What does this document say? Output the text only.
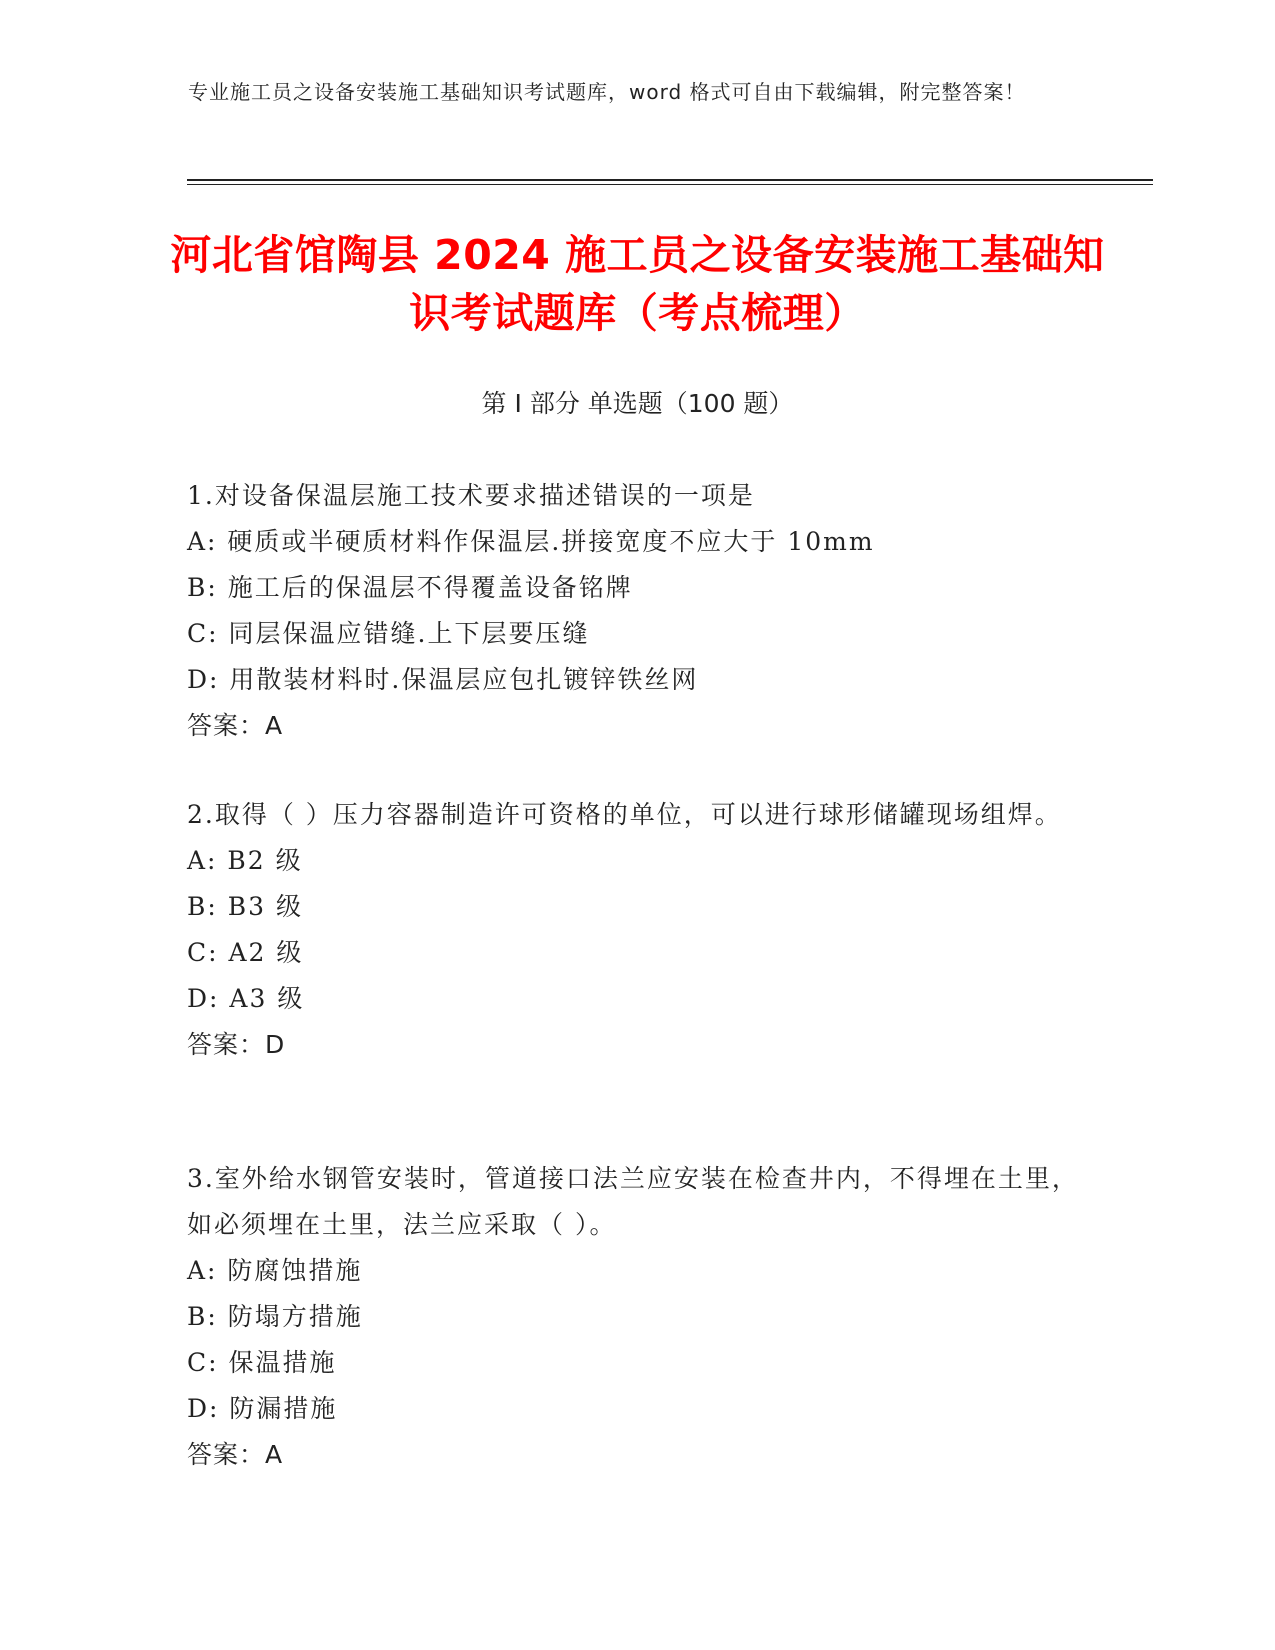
专业施工员之设备安装施工基础知识考试题库，word 格式可自由下载编辑，附完整答案！
河北省馆陶县 2024 施工员之设备安装施工基础知识考试题库（考点梳理）
第 I 部分 单选题（100 题）

1.对设备保温层施工技术要求描述错误的一项是

A: 硬质或半硬质材料作保温层.拼接宽度不应大于 10mm

B: 施工后的保温层不得覆盖设备铭牌

C: 同层保温应错缝.上下层要压缝

D: 用散装材料时.保温层应包扎镀锌铁丝网

答案：A

2.取得（ ）压力容器制造许可资格的单位，可以进行球形储罐现场组焊。

A: B2 级

B: B3 级

C: A2 级

D: A3 级

答案：D

3.室外给水钢管安装时，管道接口法兰应安装在检查井内，不得埋在土里，如必须埋在土里，法兰应采取（ ）。

A: 防腐蚀措施

B: 防塌方措施

C: 保温措施

D: 防漏措施

答案：A
